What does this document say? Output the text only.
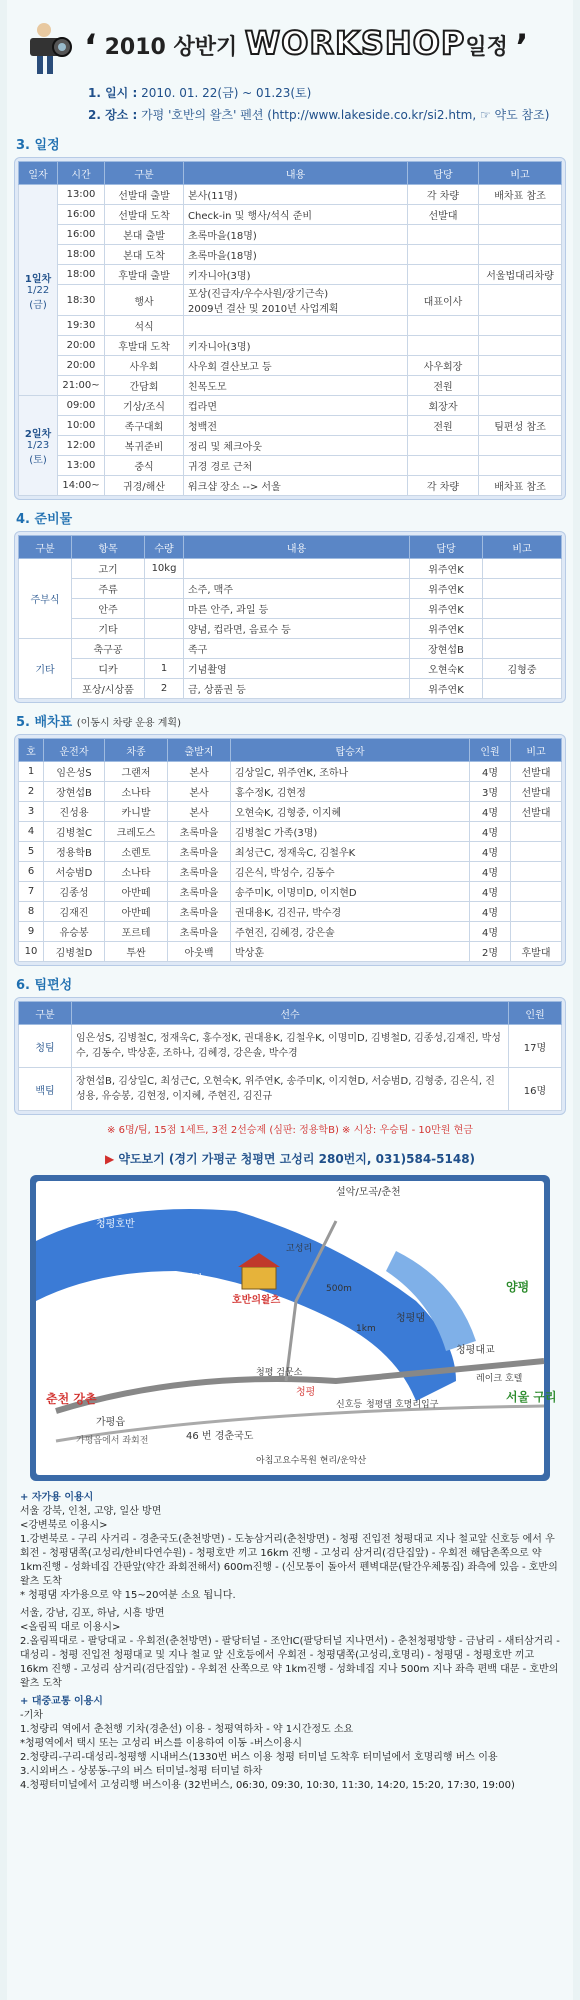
‘ 2010 상반기 WORKSHOP일정 ’
1. 일시 : 2010. 01. 22(금) ~ 01.23(토)
2. 장소 : 가평 '호반의 왈츠' 펜션 (http://www.lakeside.co.kr/si2.htm, ☞ 약도 참조)
3. 일정
일자	시간	구분	내용	담당	비고

1일차
1/22
(금)	13:00	선발대 출발	본사(11명)	각 차량	배차표 참조
	16:00	선발대 도착	Check-in 및 행사/석식 준비	선발대	
	16:00	본대 출발	초록마을(18명)		
	18:00	본대 도착	초록마을(18명)		
	18:00	후발대 출발	키자니아(3명)		서울법대리차량
	18:30	행사	포상(진급자/우수사원/장기근속)
2009년 결산 및 2010년 사업계획	대표이사	
	19:30	석식			
	20:00	후발대 도착	키자니아(3명)		
	20:00	사우회	사우회 결산보고 등	사우회장	
	21:00~	간담회	친목도모	전원	

2일차
1/23
(토)	09:00	기상/조식	컵라면	회장자	
	10:00	족구대회	청백전	전원	팀편성 참조
	12:00	복귀준비	정리 및 체크아웃		
	13:00	중식	귀경 경로 근처		
	14:00~	귀경/해산	워크샵 장소 --> 서울	각 차량	배차표 참조
4. 준비물
구분	항목	수량	내용	담당	비고
주부식	고기	10kg		위주연K	
	주류		소주, 맥주	위주연K	
	안주		마른 안주, 과일 등	위주연K	
	기타		양념, 컵라면, 음료수 등	위주연K	
기타	축구공		족구	장현섭B	
	디카	1	기념촬영	오현숙K	김형중
	포상/시상품	2	금, 상품권 등	위주연K	
5. 배차표 (이동시 차량 운용 계획)
호	운전자	차종	출발지	탑승자	인원	비고
1	임은성S	그랜저	본사	김상일C, 위주연K, 조하나	4명	선발대
2	장현섭B	소나타	본사	홍수정K, 김현정	3명	선발대
3	진성용	카니발	본사	오현숙K, 김형중, 이지혜	4명	선발대
4	김병철C	크레도스	초록마을	김병철C 가족(3명)	4명	
5	정용학B	소렌토	초록마을	최성근C, 정재욱C, 김철우K	4명	
6	서승범D	소나타	초록마을	김은식, 박성수, 김동수	4명	
7	김종성	아반떼	초록마을	송주미K, 이명미D, 이지현D	4명	
8	김재진	아반떼	초록마을	권대용K, 김진규, 박수경	4명	
9	유승봉	포르테	초록마을	주현진, 김혜경, 강은솔	4명	
10	김병철D	투싼	아웃백	박상훈	2명	후발대
6. 팀편성
구분	선수	인원
청팀	임은성S, 김병철C, 정재욱C, 홍수정K, 권대용K, 김철우K, 이명미D, 김병철D, 김종성,김재진, 박성수, 김동수, 박상훈, 조하나, 김혜경, 강은솔, 박수경	17명
백팀	장현섭B, 김상일C, 최성근C, 오현숙K, 위주연K, 송주미K, 이지현D, 서승범D, 김형중, 김은식, 진성용, 유승봉, 김현정, 이지혜, 주현진, 김진규	16명
※ 6명/팀, 15점 1세트, 3전 2선승제 (심판: 정용학B) ※ 시상: 우승팀 - 10만원 현금
▶ 약도보기 (경기 가평군 청평면 고성리 280번지, 031)584-5148)
설악/모곡/춘천
청평호반
호반의왈츠
양평
청평댐
청평대교
서울 구리
춘천 강촌
가평읍
가평읍에서 좌회전	46 번 경춘국도
청평
청평 검문소
신호등 청평댐 호명리입구
아침고요수목원 현리/운악산
500m
1km
고성리
남이섬
레이크 호텔
+ 자가용 이용시
서울 강북, 인천, 고양, 일산 방면
<강변북로 이용시>
1.강변북로 - 구리 사거리 - 경춘국도(춘천방면) - 도농삼거리(춘천방면) - 청평 진입전 청평대교 지나 철교앞 신호등 에서 우회전 - 청평댐쪽(고성리/한비다연수원) - 청평호반 끼고 16km 진행 - 고성리 삼거리(검단집앞) - 우회전 해담촌쪽으로 약 1km진행 - 성화네집 간판앞(약간 좌회전해서) 600m진행 - (신모통이 돌아서 펜벽대문(탈간우체통집) 좌측에 있음 - 호반의왈츠 도착
* 청평댐 자가용으로 약 15~20여분 소요 됩니다.
서울, 강남, 김포, 하남, 시흥 방면
<올림픽 대로 이용시>
2.올림픽대로 - 팔당대교 - 우회전(춘천방면) - 팔당터널 - 조안IC(팔당터널 지나면서) - 춘천청평방향 - 금남리 - 새터삼거리 - 대성리 - 청평 진입전 청평대교 및 지나 철교 앞 신호등에서 우회전 - 청평댐쪽(고성리,호명리) - 청평댐 - 청평호반 끼고 16km 진행 - 고성리 삼거리(검단집앞) - 우회전 산쪽으로 약 1km진행 - 성화네집 지나 500m 지나 좌측 편백 대문 - 호반의왈츠 도착
+ 대중교통 이용시
-기차
1.청량리 역에서 춘천행 기차(경춘선) 이용 - 청평역하차 - 약 1시간정도 소요
*청평역에서 택시 또는 고성리 버스를 이용하여 이동 -버스이용시
2.청량리-구리-대성리-청평행 시내버스(1330번 버스 이용 청평 터미널 도착후 터미널에서 호명리행 버스 이용
3.시외버스 - 상봉동-구의 버스 터미널-청평 터미널 하차
4.청평터미널에서 고성리행 버스이용 (32번버스, 06:30, 09:30, 10:30, 11:30, 14:20, 15:20, 17:30, 19:00)
